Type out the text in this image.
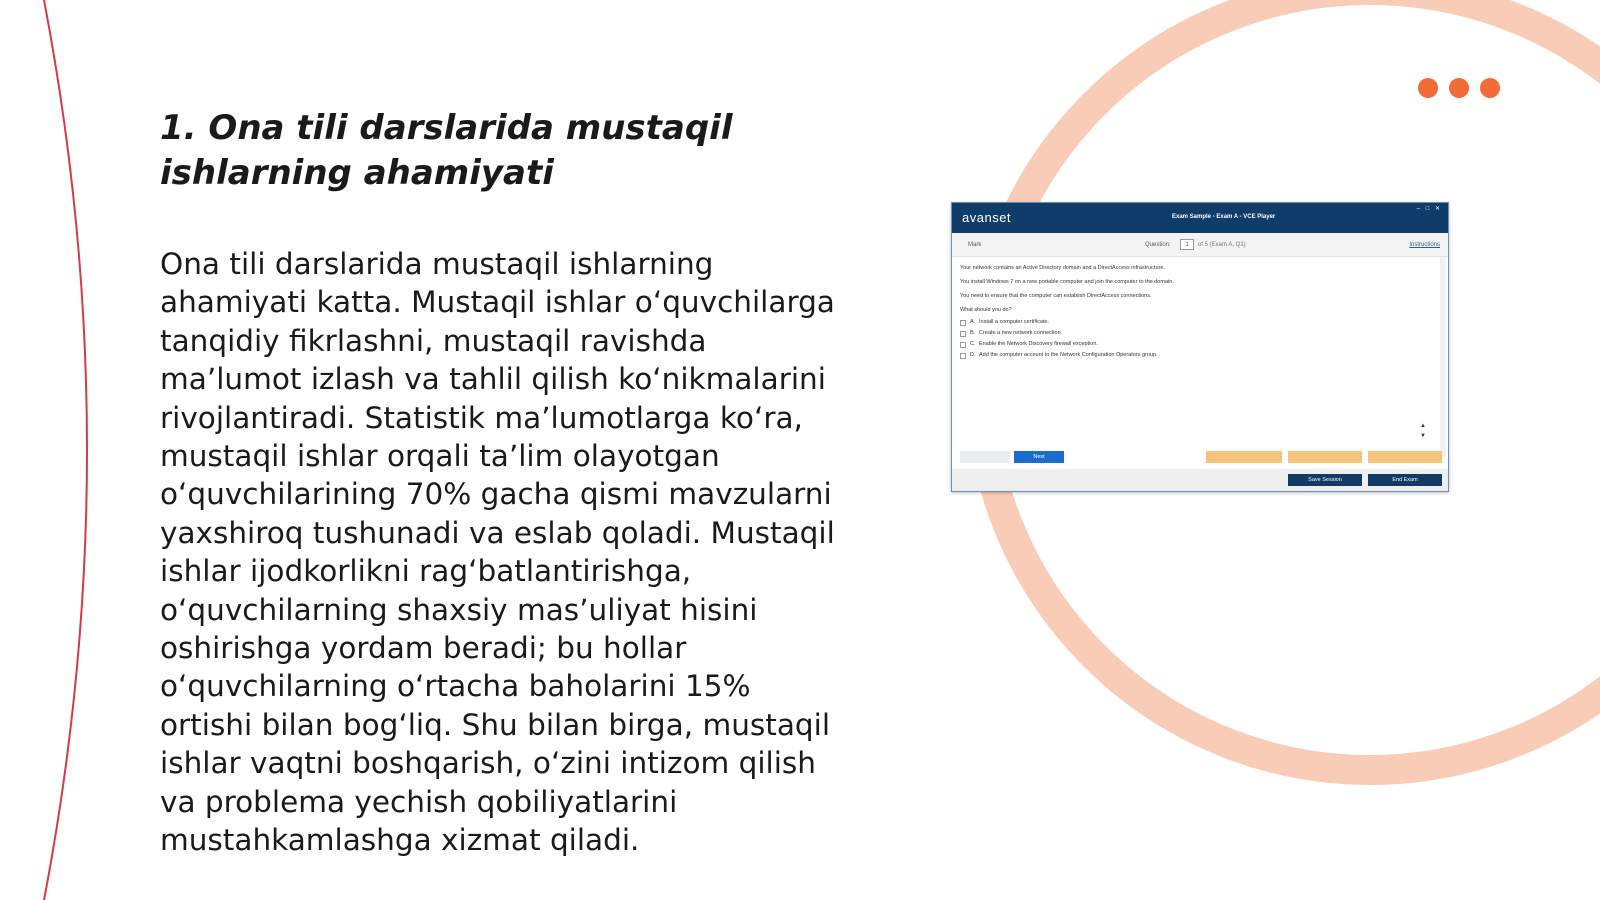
1. Ona tili darslarida mustaqil ishlarning ahamiyati

Ona tili darslarida mustaqil ishlarning ahamiyati katta. Mustaqil ishlar o‘quvchilarga tanqidiy fikrlashni, mustaqil ravishda ma’lumot izlash va tahlil qilish ko‘nikmalarini rivojlantiradi. Statistik ma’lumotlarga ko‘ra, mustaqil ishlar orqali ta’lim olayotgan o‘quvchilarining 70% gacha qismi mavzularni yaxshiroq tushunadi va eslab qoladi. Mustaqil ishlar ijodkorlikni rag‘batlantirishga, o‘quvchilarning shaxsiy mas’uliyat hisini oshirishga yordam beradi; bu hollar o‘quvchilarning o‘rtacha baholarini 15% ortishi bilan bog‘liq. Shu bilan birga, mustaqil ishlar vaqtni boshqarish, o‘zini intizom qilish va problema yechish qobiliyatlarini mustahkamlashga xizmat qiladi.

avanset	Exam Sample - Exam A - VCE Player
– □ ✕
Mark	Question:	1	of 5 (Exam A, Q1)	Instructions
Your network contains an Active Directory domain and a DirectAccess infrastructure.
You install Windows 7 on a new portable computer and join the computer to the domain.
You need to ensure that the computer can establish DirectAccess connections.
What should you do?
A. Install a computer certificate.
B. Create a new network connection.
C. Enable the Network Discovery firewall exception.
D. Add the computer account to the Network Configuration Operators group.
▲
▼
Next
Save Session	End Exam
